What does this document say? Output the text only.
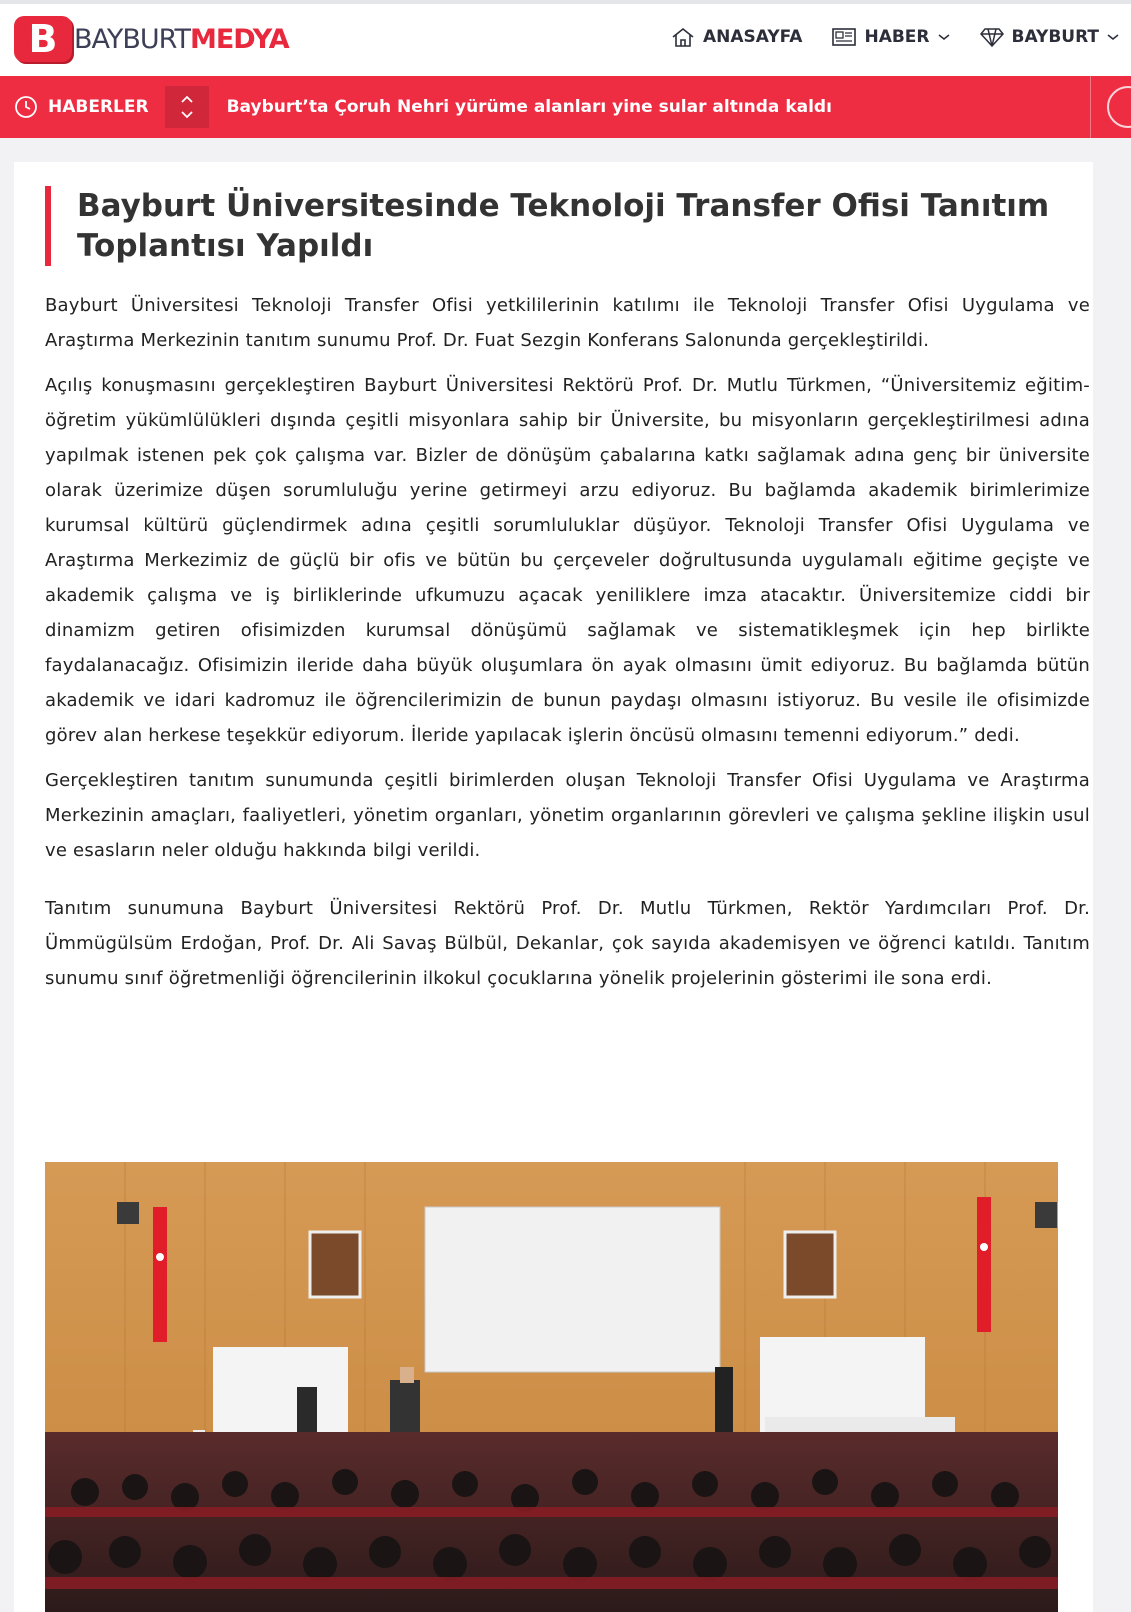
B BAYBURTMEDYA	ANASAYFA	HABER	BAYBURT
HABERLER	Bayburt’ta Çoruh Nehri yürüme alanları yine sular altında kaldı
Bayburt Üniversitesinde Teknoloji Transfer Ofisi Tanıtım Toplantısı Yapıldı

Bayburt Üniversitesi Teknoloji Transfer Ofisi yetkililerinin katılımı ile Teknoloji Transfer Ofisi Uygulama ve Araştırma Merkezinin tanıtım sunumu Prof. Dr. Fuat Sezgin Konferans Salonunda gerçekleştirildi.

Açılış konuşmasını gerçekleştiren Bayburt Üniversitesi Rektörü Prof. Dr. Mutlu Türkmen, “Üniversitemiz eğitim-öğretim yükümlülükleri dışında çeşitli misyonlara sahip bir Üniversite, bu misyonların gerçekleştirilmesi adına yapılmak istenen pek çok çalışma var. Bizler de dönüşüm çabalarına katkı sağlamak adına genç bir üniversite olarak üzerimize düşen sorumluluğu yerine getirmeyi arzu ediyoruz. Bu bağlamda akademik birimlerimize kurumsal kültürü güçlendirmek adına çeşitli sorumluluklar düşüyor. Teknoloji Transfer Ofisi Uygulama ve Araştırma Merkezimiz de güçlü bir ofis ve bütün bu çerçeveler doğrultusunda uygulamalı eğitime geçişte ve akademik çalışma ve iş birliklerinde ufkumuzu açacak yeniliklere imza atacaktır. Üniversitemize ciddi bir dinamizm getiren ofisimizden kurumsal dönüşümü sağlamak ve sistematikleşmek için hep birlikte faydalanacağız. Ofisimizin ileride daha büyük oluşumlara ön ayak olmasını ümit ediyoruz. Bu bağlamda bütün akademik ve idari kadromuz ile öğrencilerimizin de bunun paydaşı olmasını istiyoruz. Bu vesile ile ofisimizde görev alan herkese teşekkür ediyorum. İleride yapılacak işlerin öncüsü olmasını temenni ediyorum.” dedi.

Gerçekleştiren tanıtım sunumunda çeşitli birimlerden oluşan Teknoloji Transfer Ofisi Uygulama ve Araştırma Merkezinin amaçları, faaliyetleri, yönetim organları, yönetim organlarının görevleri ve çalışma şekline ilişkin usul ve esasların neler olduğu hakkında bilgi verildi.

Tanıtım sunumuna Bayburt Üniversitesi Rektörü Prof. Dr. Mutlu Türkmen, Rektör Yardımcıları Prof. Dr. Ümmügülsüm Erdoğan, Prof. Dr. Ali Savaş Bülbül, Dekanlar, çok sayıda akademisyen ve öğrenci katıldı. Tanıtım sunumu sınıf öğretmenliği öğrencilerinin ilkokul çocuklarına yönelik projelerinin gösterimi ile sona erdi.
